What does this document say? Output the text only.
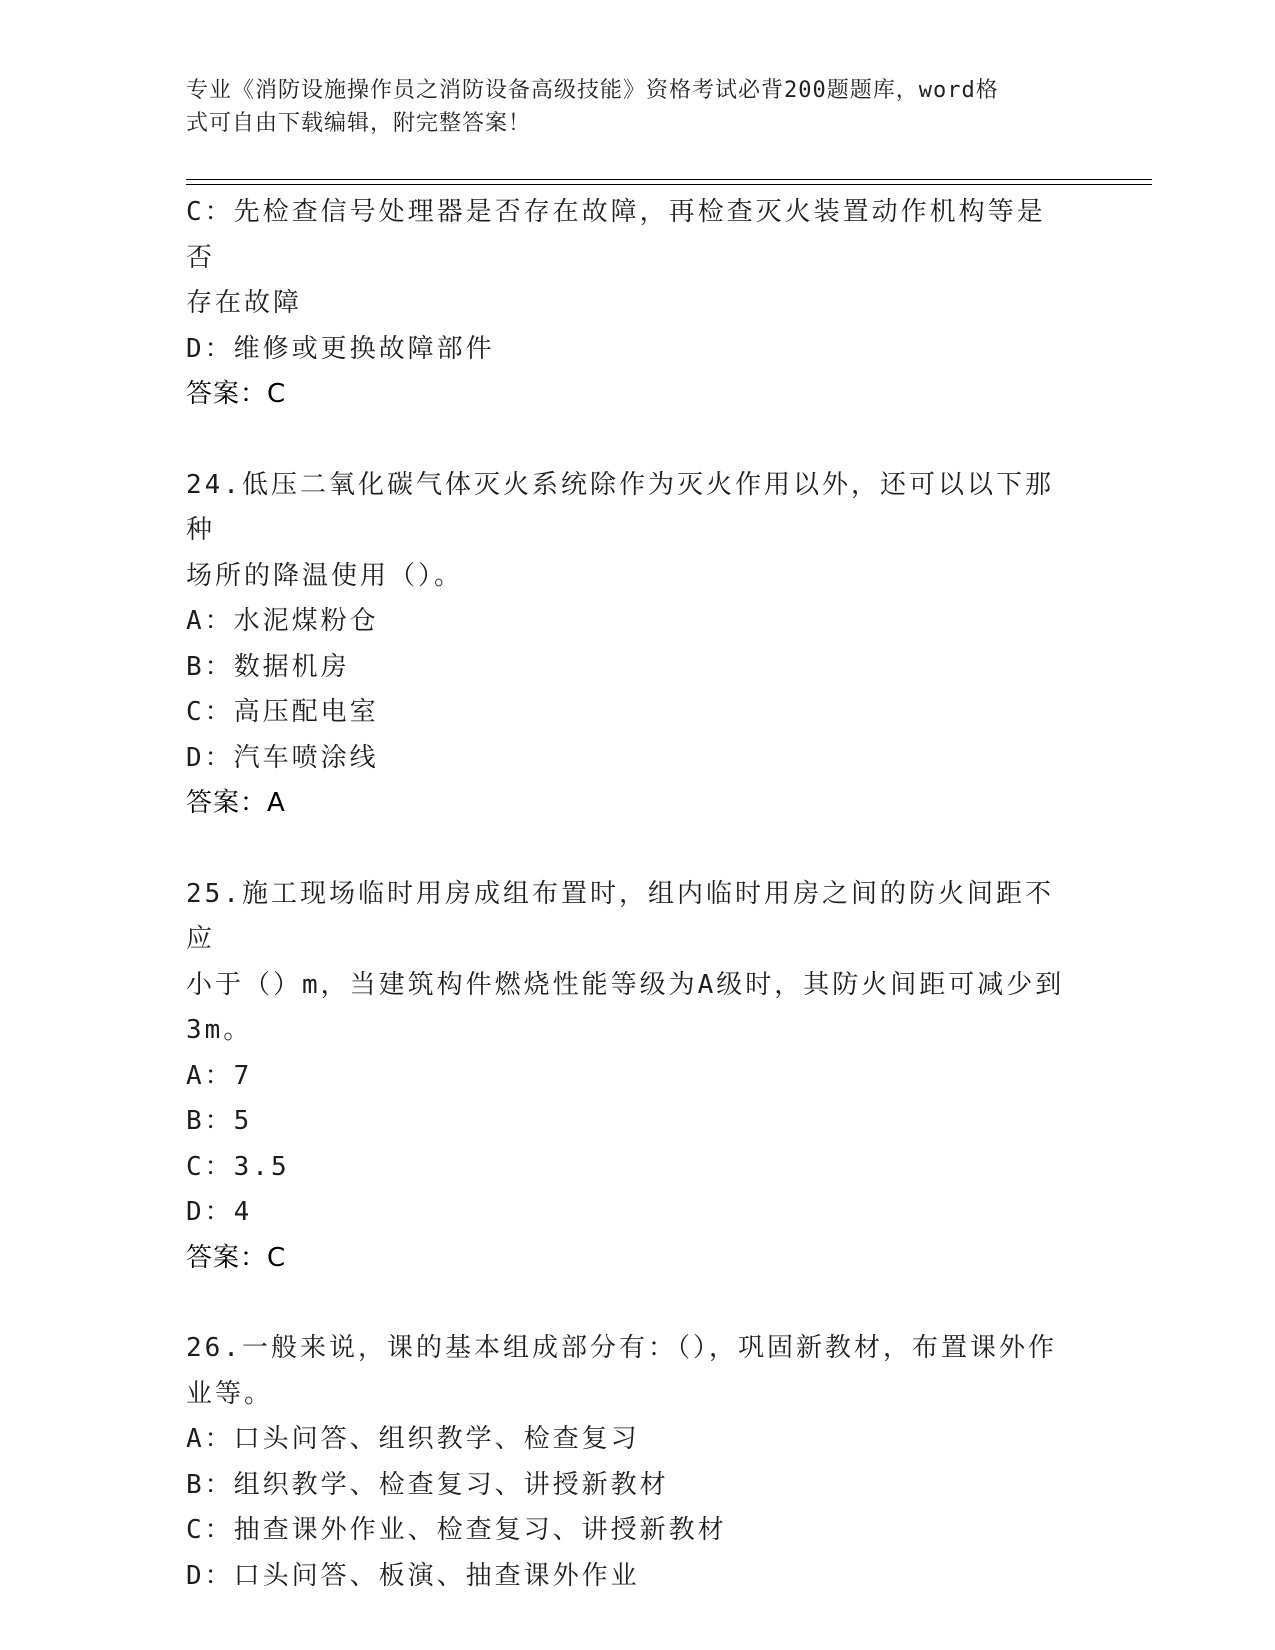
专业《消防设施操作员之消防设备高级技能》资格考试必背200题题库，word格
式可自由下载编辑，附完整答案！
C：先检查信号处理器是否存在故障，再检查灭火装置动作机构等是否
存在故障
D：维修或更换故障部件
答案：C
24.低压二氧化碳气体灭火系统除作为灭火作用以外，还可以以下那种
场所的降温使用（）。
A：水泥煤粉仓
B：数据机房
C：高压配电室
D：汽车喷涂线
答案：A
25.施工现场临时用房成组布置时，组内临时用房之间的防火间距不应
小于（）m，当建筑构件燃烧性能等级为A级时，其防火间距可减少到
3m。
A：7
B：5
C：3.5
D：4
答案：C
26.一般来说，课的基本组成部分有：（），巩固新教材，布置课外作
业等。
A：口头问答、组织教学、检查复习
B：组织教学、检查复习、讲授新教材
C：抽查课外作业、检查复习、讲授新教材
D：口头问答、板演、抽查课外作业
